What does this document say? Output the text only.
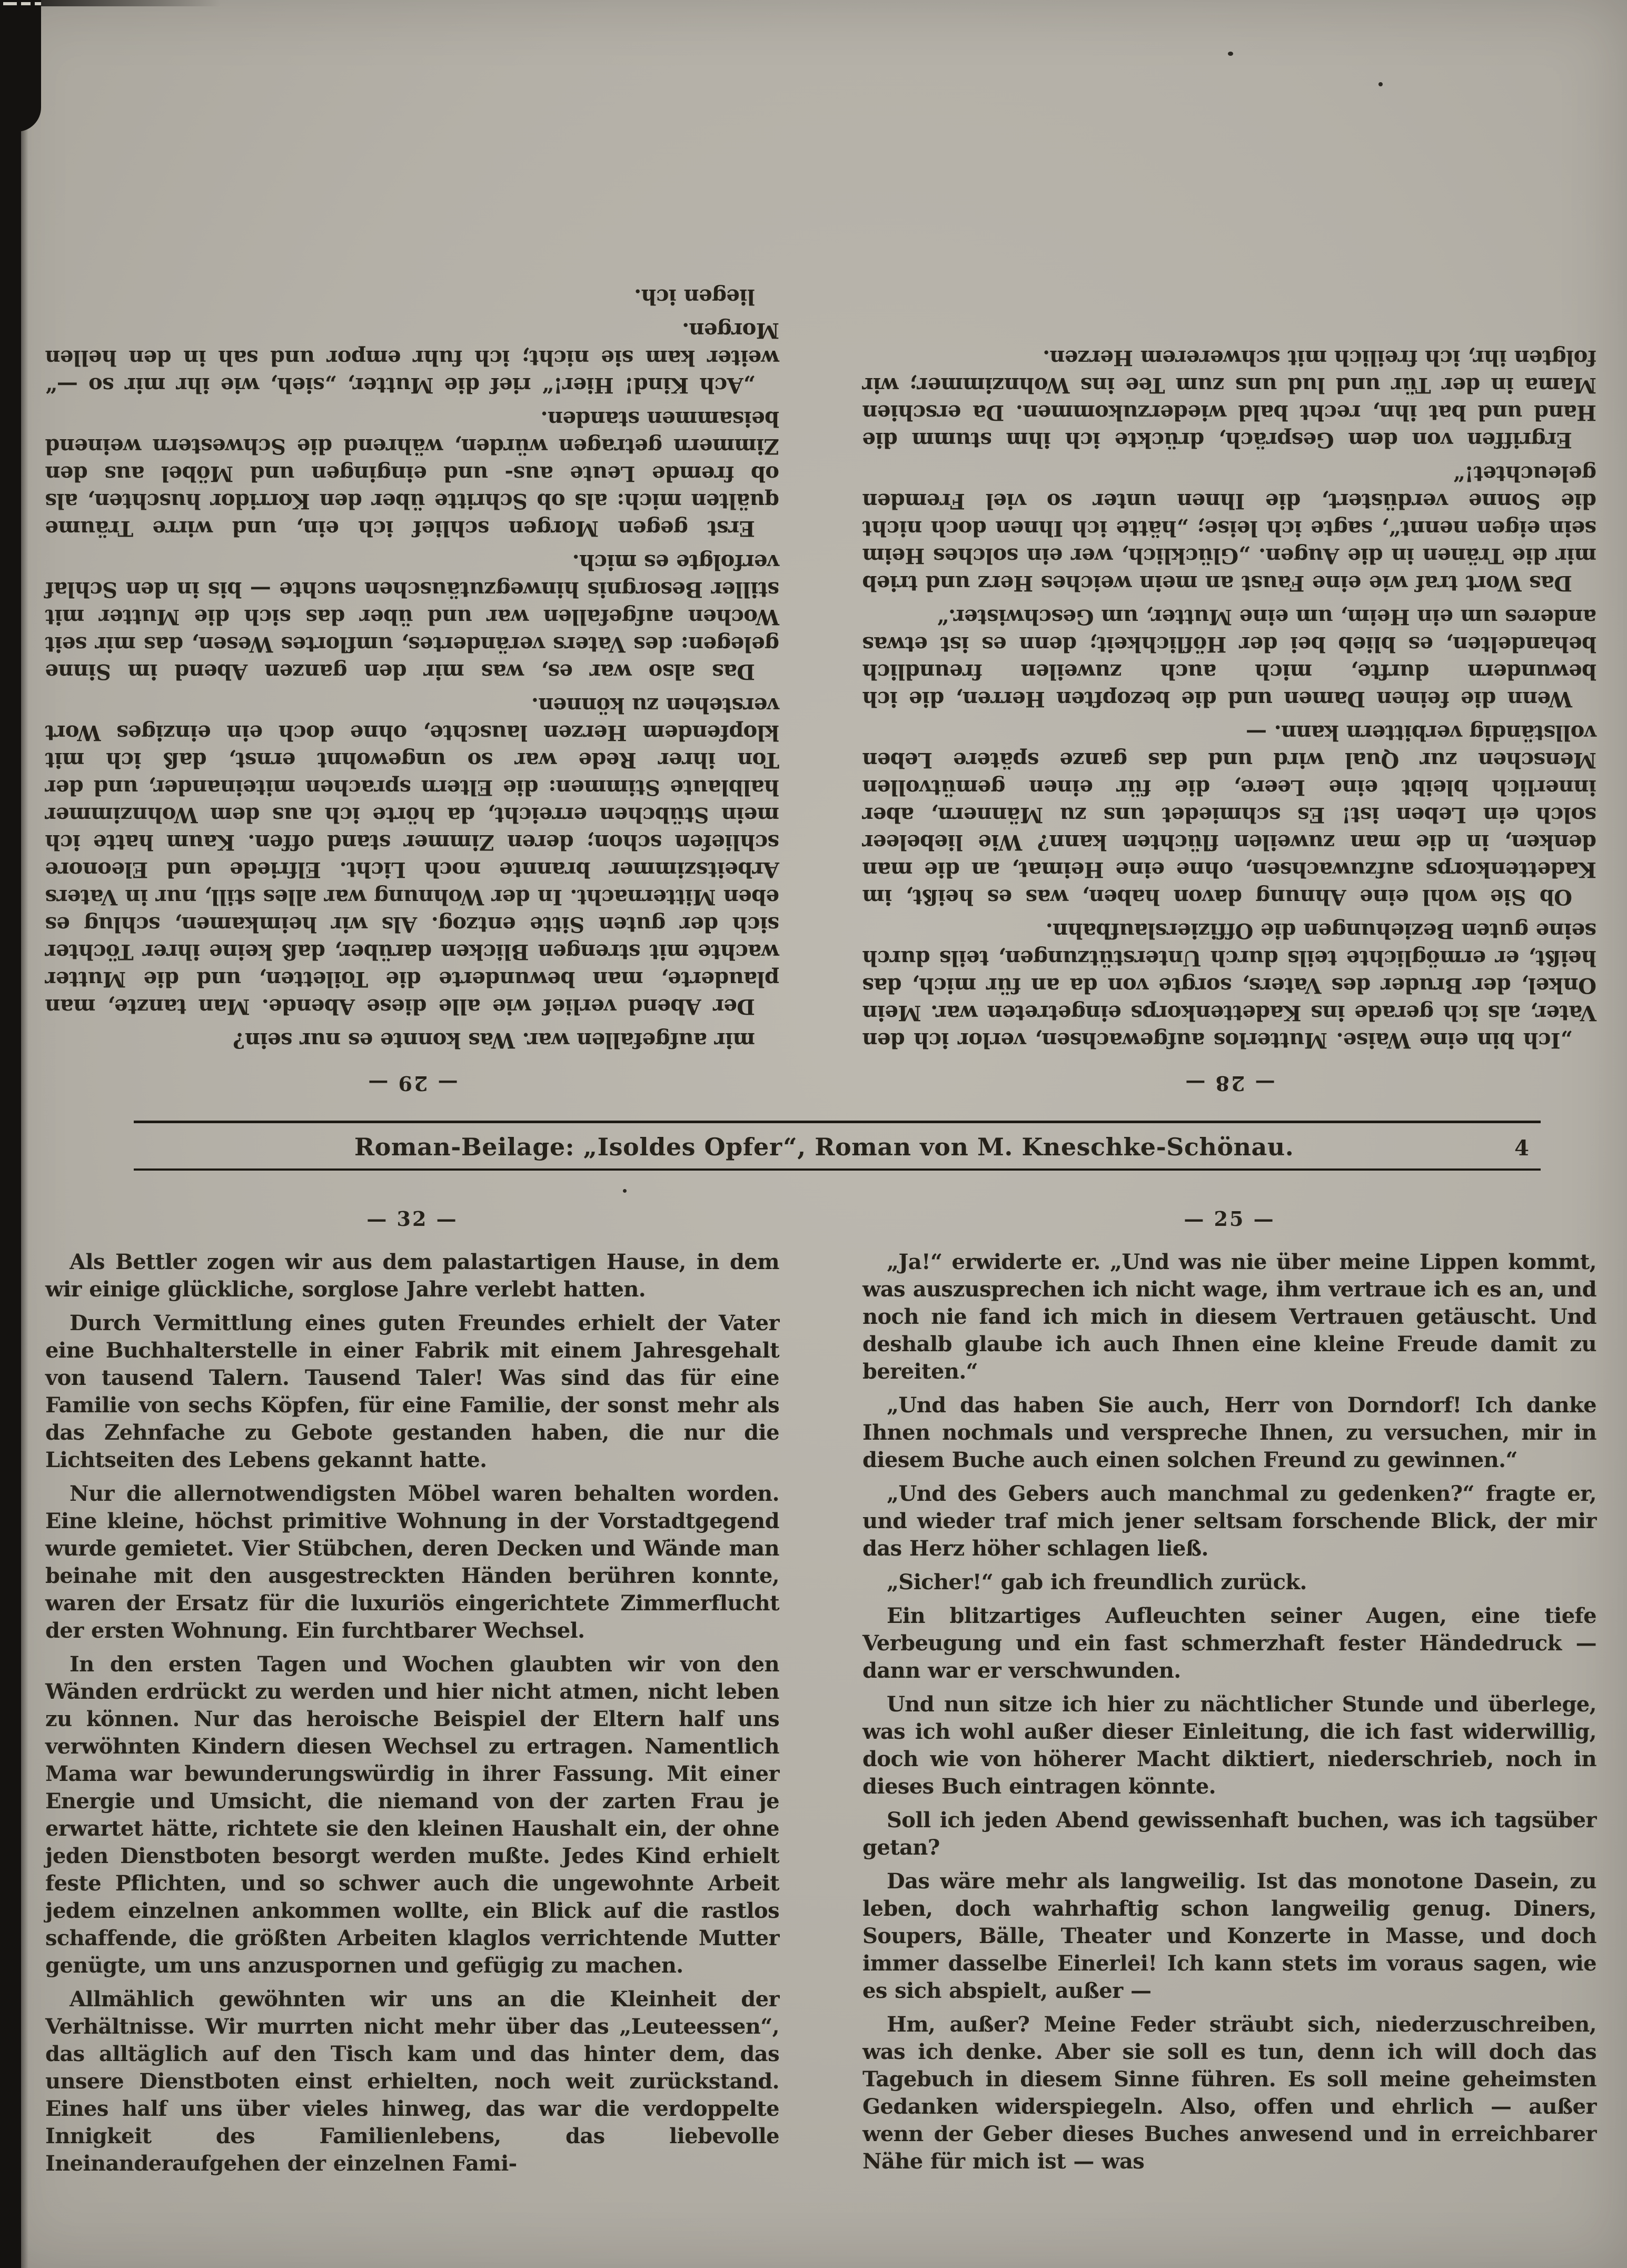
— 29 —

mir aufgefallen war. Was konnte es nur sein?

Der Abend verlief wie alle diese Abende. Man tanzte, man plauderte, man bewunderte die Toiletten, und die Mutter wachte mit strengen Blicken darüber, daß keine ihrer Töchter sich der guten Sitte entzog. Als wir heimkamen, schlug es eben Mitternacht. In der Wohnung war alles still, nur in Vaters Arbeitszimmer brannte noch Licht. Elfriede und Eleonore schliefen schon; deren Zimmer stand offen. Kaum hatte ich mein Stübchen erreicht, da hörte ich aus dem Wohnzimmer halblaute Stimmen: die Eltern sprachen miteinander, und der Ton ihrer Rede war so ungewohnt ernst, daß ich mit klopfendem Herzen lauschte, ohne doch ein einziges Wort verstehen zu können.

Das also war es, was mir den ganzen Abend im Sinne gelegen: des Vaters verändertes, umflortes Wesen, das mir seit Wochen aufgefallen war und über das sich die Mutter mit stiller Besorgnis hinwegzutäuschen suchte — bis in den Schlaf verfolgte es mich.

Erst gegen Morgen schlief ich ein, und wirre Träume quälten mich: als ob Schritte über den Korridor huschten, als ob fremde Leute aus- und eingingen und Möbel aus den Zimmern getragen würden, während die Schwestern weinend beisammen standen.

„Ach Kind! Hier!“ rief die Mutter, „sieh, wie ihr mir so —“ weiter kam sie nicht; ich fuhr empor und sah in den hellen Morgen.

liegen ich.

— 28 —

„Ich bin eine Waise. Mutterlos aufgewachsen, verlor ich den Vater, als ich gerade ins Kadettenkorps eingetreten war. Mein Onkel, der Bruder des Vaters, sorgte von da an für mich, das heißt, er ermöglichte teils durch Unterstützungen, teils durch seine guten Beziehungen die Offizierslaufbahn.

Ob Sie wohl eine Ahnung davon haben, was es heißt, im Kadettenkorps aufzuwachsen, ohne eine Heimat, an die man denken, in die man zuweilen flüchten kann? Wie liebeleer solch ein Leben ist! Es schmiedet uns zu Männern, aber innerlich bleibt eine Leere, die für einen gemütvollen Menschen zur Qual wird und das ganze spätere Leben vollständig verbittern kann. —

Wenn die feinen Damen und die bezopften Herren, die ich bewundern durfte, mich auch zuweilen freundlich behandelten, es blieb bei der Höflichkeit; denn es ist etwas anderes um ein Heim, um eine Mutter, um Geschwister.“

Das Wort traf wie eine Faust an mein weiches Herz und trieb mir die Tränen in die Augen. „Glücklich, wer ein solches Heim sein eigen nennt“, sagte ich leise; „hätte ich Ihnen doch nicht die Sonne verdüstert, die Ihnen unter so viel Fremden geleuchtet!“

Ergriffen von dem Gespräch, drückte ich ihm stumm die Hand und bat ihn, recht bald wiederzukommen. Da erschien Mama in der Tür und lud uns zum Tee ins Wohnzimmer; wir folgten ihr, ich freilich mit schwererem Herzen.

Roman-Beilage: „Isoldes Opfer“, Roman von M. Kneschke-Schönau.	4
— 32 —

Als Bettler zogen wir aus dem palastartigen Hause, in dem wir einige glückliche, sorglose Jahre verlebt hatten.

Durch Vermittlung eines guten Freundes erhielt der Vater eine Buchhalterstelle in einer Fabrik mit einem Jahresgehalt von tausend Talern. Tausend Taler! Was sind das für eine Familie von sechs Köpfen, für eine Familie, der sonst mehr als das Zehnfache zu Gebote gestanden haben, die nur die Lichtseiten des Lebens gekannt hatte.

Nur die allernotwendigsten Möbel waren behalten worden. Eine kleine, höchst primitive Wohnung in der Vorstadtgegend wurde gemietet. Vier Stübchen, deren Decken und Wände man beinahe mit den ausgestreckten Händen berühren konnte, waren der Ersatz für die luxuriös eingerichtete Zimmerflucht der ersten Wohnung. Ein furchtbarer Wechsel.

In den ersten Tagen und Wochen glaubten wir von den Wänden erdrückt zu werden und hier nicht atmen, nicht leben zu können. Nur das heroische Beispiel der Eltern half uns verwöhnten Kindern diesen Wechsel zu ertragen. Namentlich Mama war bewunderungswürdig in ihrer Fassung. Mit einer Energie und Umsicht, die niemand von der zarten Frau je erwartet hätte, richtete sie den kleinen Haushalt ein, der ohne jeden Dienstboten besorgt werden mußte. Jedes Kind erhielt feste Pflichten, und so schwer auch die ungewohnte Arbeit jedem einzelnen ankommen wollte, ein Blick auf die rastlos schaffende, die größten Arbeiten klaglos verrichtende Mutter genügte, um uns anzuspornen und gefügig zu machen.

Allmählich gewöhnten wir uns an die Kleinheit der Verhältnisse. Wir murrten nicht mehr über das „Leuteessen“, das alltäglich auf den Tisch kam und das hinter dem, das unsere Dienstboten einst erhielten, noch weit zurückstand. Eines half uns über vieles hinweg, das war die verdoppelte Innigkeit des Familienlebens, das liebevolle Ineinanderaufgehen der einzelnen Fami-

— 25 —

„Ja!“ erwiderte er. „Und was nie über meine Lippen kommt, was auszusprechen ich nicht wage, ihm vertraue ich es an, und noch nie fand ich mich in diesem Vertrauen getäuscht. Und deshalb glaube ich auch Ihnen eine kleine Freude damit zu bereiten.“

„Und das haben Sie auch, Herr von Dorndorf! Ich danke Ihnen nochmals und verspreche Ihnen, zu versuchen, mir in diesem Buche auch einen solchen Freund zu gewinnen.“

„Und des Gebers auch manchmal zu gedenken?“ fragte er, und wieder traf mich jener seltsam forschende Blick, der mir das Herz höher schlagen ließ.

„Sicher!“ gab ich freundlich zurück.

Ein blitzartiges Aufleuchten seiner Augen, eine tiefe Verbeugung und ein fast schmerzhaft fester Händedruck — dann war er verschwunden.

Und nun sitze ich hier zu nächtlicher Stunde und überlege, was ich wohl außer dieser Einleitung, die ich fast widerwillig, doch wie von höherer Macht diktiert, niederschrieb, noch in dieses Buch eintragen könnte.

Soll ich jeden Abend gewissenhaft buchen, was ich tagsüber getan?

Das wäre mehr als langweilig. Ist das monotone Dasein, zu leben, doch wahrhaftig schon langweilig genug. Diners, Soupers, Bälle, Theater und Konzerte in Masse, und doch immer dasselbe Einerlei! Ich kann stets im voraus sagen, wie es sich abspielt, außer —

Hm, außer? Meine Feder sträubt sich, niederzuschreiben, was ich denke. Aber sie soll es tun, denn ich will doch das Tagebuch in diesem Sinne führen. Es soll meine geheimsten Gedanken widerspiegeln. Also, offen und ehrlich — außer wenn der Geber dieses Buches anwesend und in erreichbarer Nähe für mich ist — was
